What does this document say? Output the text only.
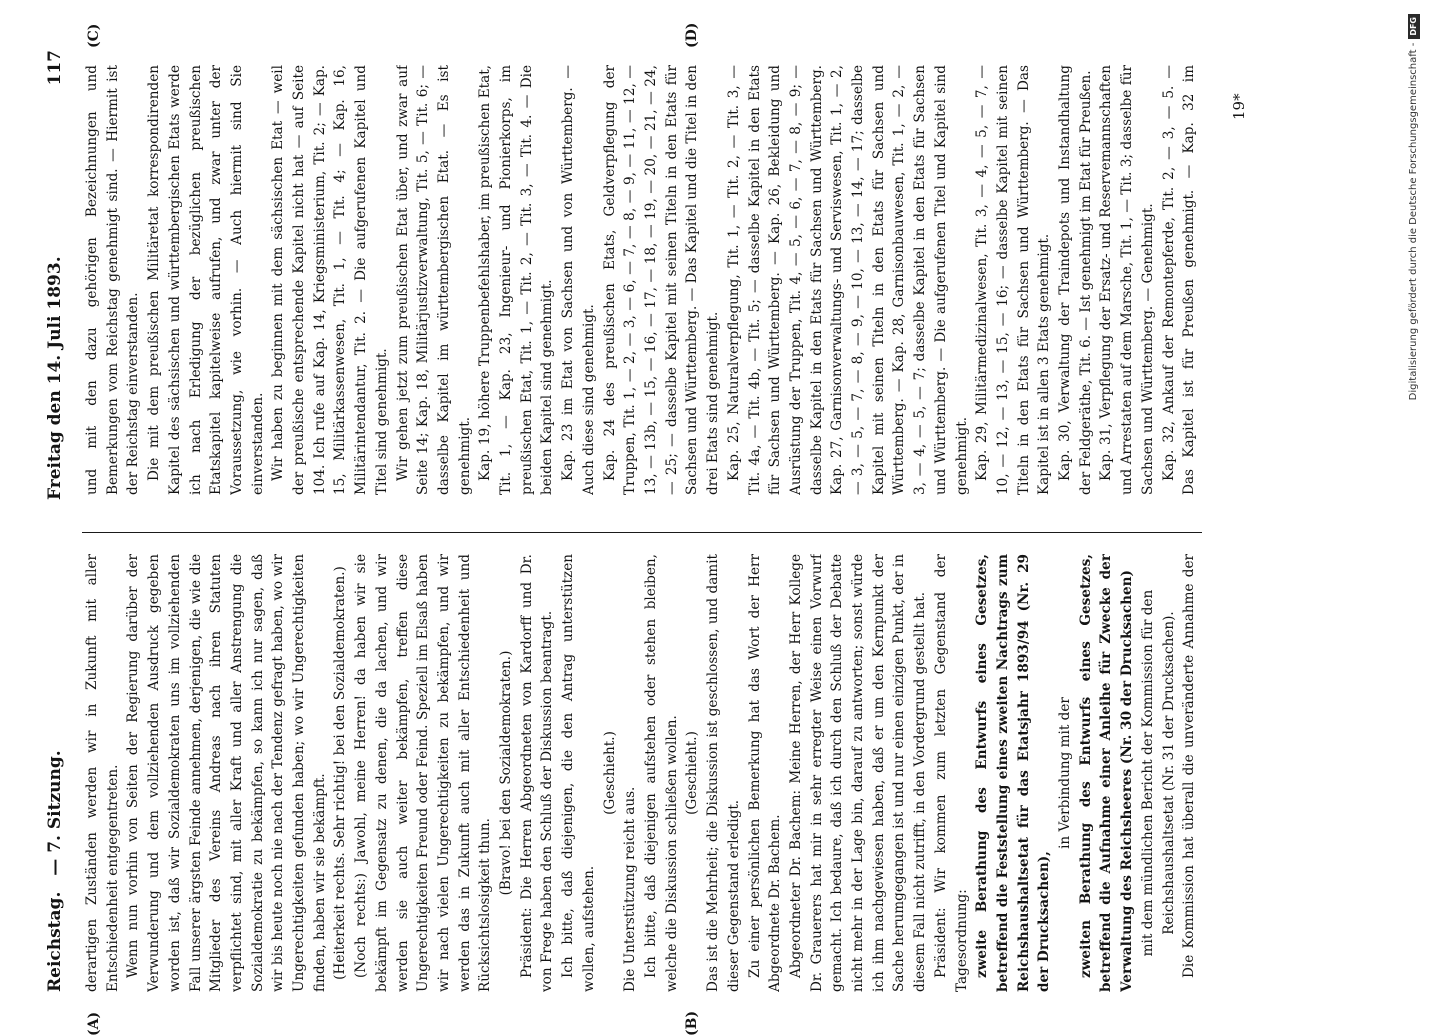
Reichstag. — 7. Sitzung.
Freitag den 14. Juli 1893.
117
(A)	(B)
(C)	(D)

derartigen Zuständen werden wir in Zukunft mit aller Entschiedenheit entgegentreten. Wenn nun vorhin von Seiten der Regierung darüber der Verwunderung und dem vollziehenden Ausdruck gegeben worden ist, daß wir Sozialdemokraten uns im vollziehenden Fall unserer ärgsten Feinde annehmen, derjenigen, die wie die Mitglieder des Vereins Andreas nach ihren Statuten verpflichtet sind, mit aller Kraft und aller Anstrengung die Sozialdemokratie zu bekämpfen, so kann ich nur sagen, daß wir bis heute noch nie nach der Tendenz gefragt haben, wo wir Ungerechtigkeiten gefunden haben; wo wir Ungerechtigkeiten finden, haben wir sie bekämpft. (Heiterkeit rechts. Sehr richtig! bei den Sozialdemokraten.) (Noch rechts:) Jawohl, meine Herren! da haben wir sie bekämpft im Gegensatz zu denen, die da lachen, und wir werden sie auch weiter bekämpfen, treffen diese Ungerechtigkeiten Freund oder Feind. Speziell im Elsaß haben wir nach vielen Ungerechtigkeiten zu bekämpfen, und wir werden das in Zukunft auch mit aller Entschiedenheit und Rücksichtslosigkeit thun.

(Bravo! bei den Sozialdemokraten.) Präsident: Die Herren Abgeordneten von Kardorff und Dr. von Frege haben den Schluß der Diskussion beantragt. Ich bitte, daß diejenigen, die den Antrag unterstützen wollen, aufstehen.

(Geschieht.)

Die Unterstützung reicht aus. Ich bitte, daß diejenigen aufstehen oder stehen bleiben, welche die Diskussion schließen wollen. (Geschieht.) Das ist die Mehrheit; die Diskussion ist geschlossen, und damit dieser Gegenstand erledigt. Zu einer persönlichen Bemerkung hat das Wort der Herr Abgeordnete Dr. Bachem. Abgeordneter Dr. Bachem: Meine Herren, der Herr Kollege Dr. Grauerers hat mir in sehr erregter Weise einen Vorwurf gemacht. Ich bedaure, daß ich durch den Schluß der Debatte nicht mehr in der Lage bin, darauf zu antworten; sonst würde ich ihm nachgewiesen haben, daß er um den Kernpunkt der Sache herumgegangen ist und nur einen einzigen Punkt, der in diesem Fall nicht zutrifft, in den Vordergrund gestellt hat. Präsident: Wir kommen zum letzten Gegenstand der Tagesordnung: zweite Berathung des Entwurfs eines Gesetzes, betreffend die Feststellung eines zweiten Nachtrags zum Reichshaushaltsetat für das Etatsjahr 1893/94 (Nr. 29 der Drucksachen),

in Verbindung mit der zweiten Berathung des Entwurfs eines Gesetzes, betreffend die Aufnahme einer Anleihe für Zwecke der Verwaltung des Reichsheeres (Nr. 30 der Drucksachen) mit dem mündlichen Bericht der Kommission für den Reichshaushaltsetat (Nr. 31 der Drucksachen).

Die Kommission hat überall die unveränderte Annahme der

und mit den dazu gehörigen Bezeichnungen und Bemerkungen vom Reichstag genehmigt sind. — Hiermit ist der Reichstag einverstanden. Die mit dem preußischen Militäretat korrespondirenden Kapitel des sächsischen und württembergischen Etats werde ich nach Erledigung der bezüglichen preußischen Etatskapitel kapitelweise aufrufen, und zwar unter der Voraussetzung, wie vorhin. — Auch hiermit sind Sie einverstanden. Wir haben zu beginnen mit dem sächsischen Etat — weil der preußische entsprechende Kapitel nicht hat — auf Seite 104. Ich rufe auf Kap. 14, Kriegsministerium, Tit. 2; — Kap. 15, Militärkassenwesen, Tit. 1, — Tit. 4; — Kap. 16, Militärintendantur, Tit. 2. — Die aufgerufenen Kapitel und Titel sind genehmigt. Wir gehen jetzt zum preußischen Etat über, und zwar auf Seite 14; Kap. 18, Militärjustizverwaltung, Tit. 5, — Tit. 6; — dasselbe Kapitel im württembergischen Etat. — Es ist genehmigt. Kap. 19, höhere Truppenbefehlshaber, im preußischen Etat, Tit. 1, — Kap. 23, Ingenieur- und Pionierkorps, im preußischen Etat, Tit. 1, — Tit. 2, — Tit. 3, — Tit. 4. — Die beiden Kapitel sind genehmigt. Kap. 23 im Etat von Sachsen und von Württemberg. — Auch diese sind genehmigt. Kap. 24 des preußischen Etats, Geldverpflegung der Truppen, Tit. 1, — 2, — 3, — 6, — 7, — 8, — 9, — 11, — 12, — 13, — 13b, — 15, — 16, — 17, — 18, — 19, — 20, — 21, — 24, — 25; — dasselbe Kapitel mit seinen Titeln in den Etats für Sachsen und Württemberg. — Das Kapitel und die Titel in den drei Etats sind genehmigt. Kap. 25, Naturalverpflegung, Tit. 1, — Tit. 2, — Tit. 3, — Tit. 4a, — Tit. 4b, — Tit. 5; — dasselbe Kapitel in den Etats für Sachsen und Württemberg. — Kap. 26, Bekleidung und Ausrüstung der Truppen, Tit. 4, — 5, — 6, — 7, — 8, — 9; — dasselbe Kapitel in den Etats für Sachsen und Württemberg. Kap. 27, Garnisonverwaltungs- und Serviswesen, Tit. 1, — 2, — 3, — 5, — 7, — 8, — 9, — 10, — 13, — 14, — 17; dasselbe Kapitel mit seinen Titeln in den Etats für Sachsen und Württemberg. — Kap. 28, Garnisonbauwesen, Tit. 1, — 2, — 3, — 4, — 5, — 7; dasselbe Kapitel in den Etats für Sachsen und Württemberg. — Die aufgerufenen Titel und Kapitel sind genehmigt. Kap. 29, Militärmedizinalwesen, Tit. 3, — 4, — 5, — 7, — 10, — 12, — 13, — 15, — 16; — dasselbe Kapitel mit seinen Titeln in den Etats für Sachsen und Württemberg. — Das Kapitel ist in allen 3 Etats genehmigt. Kap. 30, Verwaltung der Traindepots und Instandhaltung der Feldgeräthe, Tit. 6. — Ist genehmigt im Etat für Preußen. Kap. 31, Verpflegung der Ersatz- und Reservemannschaften und Arrestaten auf dem Marsche, Tit. 1, — Tit. 3; dasselbe für Sachsen und Württemberg. — Genehmigt. Kap. 32, Ankauf der Remontepferde, Tit. 2, — 3, — 5. — Das Kapitel ist für Preußen genehmigt. — Kap. 32 im

19*	Digitalisierung gefördert durch die Deutsche Forschungsgemeinschaft -DFG
